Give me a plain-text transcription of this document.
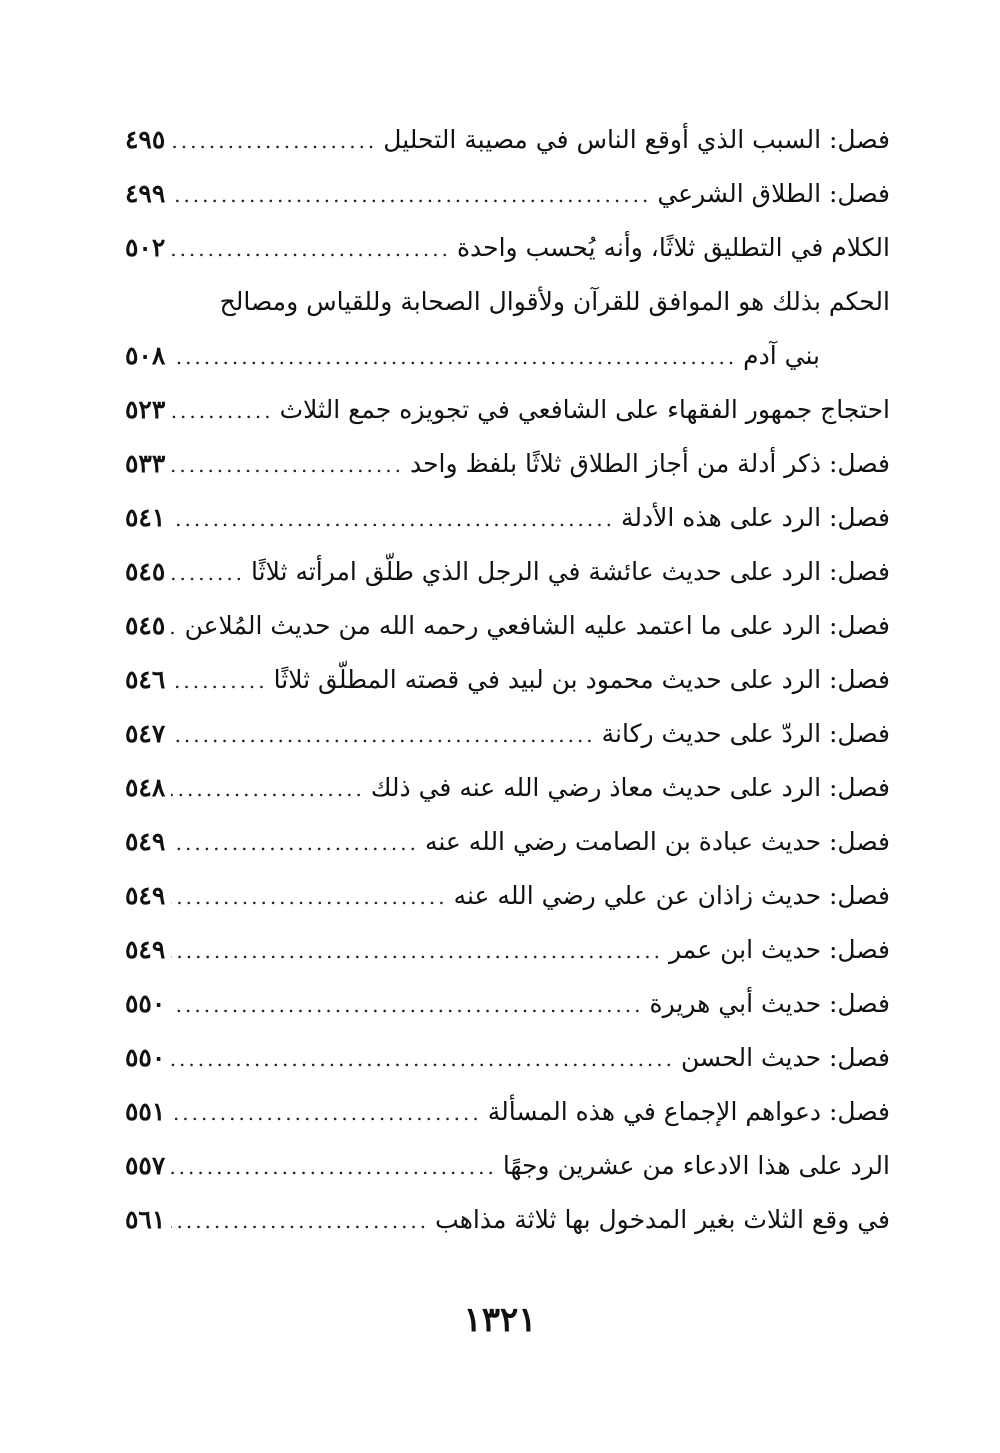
فصل: السبب الذي أوقع الناس في مصيبة التحليل
.....
٤٩٥
فصل: الطلاق الشرعي
.....
٤٩٩
الكلام في التطليق ثلاثًا، وأنه يُحسب واحدة
.....
٥٠٢
الحكم بذلك هو الموافق للقرآن ولأقوال الصحابة وللقياس ومصالح
بني آدم
.....
٥٠٨
احتجاج جمهور الفقهاء على الشافعي في تجويزه جمع الثلاث
.....
٥٢٣
فصل: ذكر أدلة من أجاز الطلاق ثلاثًا بلفظ واحد
.....
٥٣٣
فصل: الرد على هذه الأدلة
.....
٥٤١
فصل: الرد على حديث عائشة في الرجل الذي طلّق امرأته ثلاثًا
.....
٥٤٥
فصل: الرد على ما اعتمد عليه الشافعي رحمه الله من حديث المُلاعن
.....
٥٤٥
فصل: الرد على حديث محمود بن لبيد في قصته المطلّق ثلاثًا
.....
٥٤٦
فصل: الردّ على حديث ركانة
.....
٥٤٧
فصل: الرد على حديث معاذ رضي الله عنه في ذلك
.....
٥٤٨
فصل: حديث عبادة بن الصامت رضي الله عنه
.....
٥٤٩
فصل: حديث زاذان عن علي رضي الله عنه
.....
٥٤٩
فصل: حديث ابن عمر
.....
٥٤٩
فصل: حديث أبي هريرة
.....
٥٥٠
فصل: حديث الحسن
.....
٥٥٠
فصل: دعواهم الإجماع في هذه المسألة
.....
٥٥١
الرد على هذا الادعاء من عشرين وجهًا
.....
٥٥٧
في وقع الثلاث بغير المدخول بها ثلاثة مذاهب
.....
٥٦١
١٣٢١
